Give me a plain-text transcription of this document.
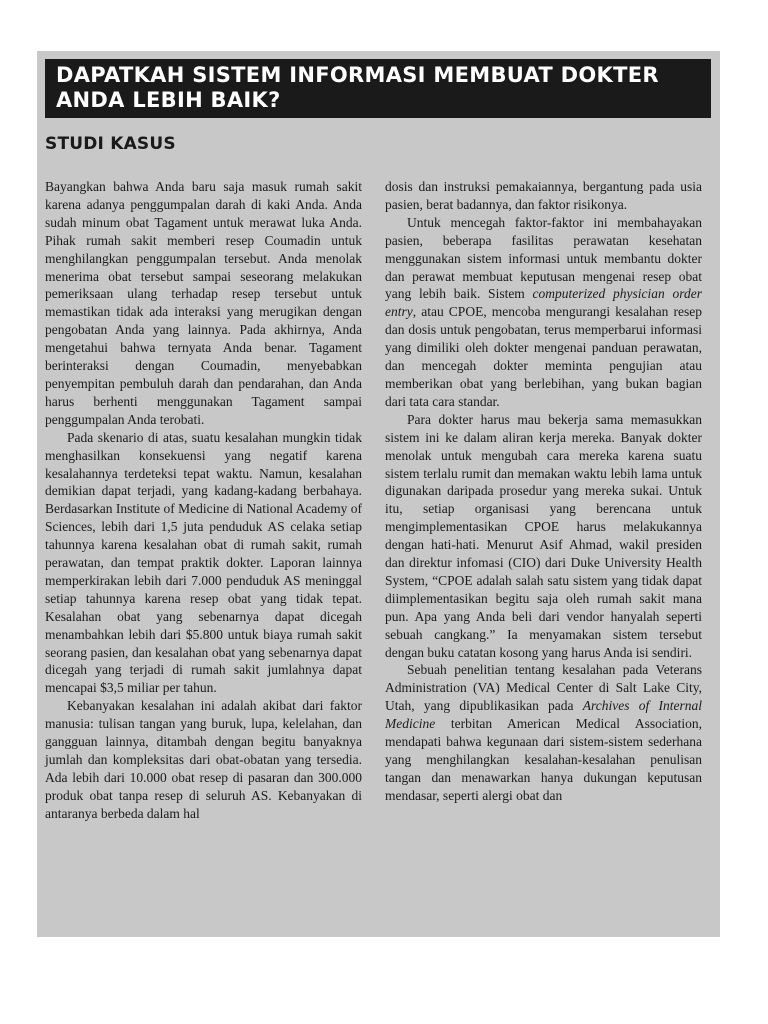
DAPATKAH SISTEM INFORMASI MEMBUAT DOKTER
ANDA LEBIH BAIK?
STUDI KASUS

Bayangkan bahwa Anda baru saja masuk rumah sakit karena adanya penggumpalan darah di kaki Anda. Anda sudah minum obat Tagament untuk merawat luka Anda. Pihak rumah sakit memberi resep Coumadin untuk menghilangkan penggumpalan tersebut. Anda menolak menerima obat tersebut sampai seseorang melakukan pemeriksaan ulang terhadap resep tersebut untuk memastikan tidak ada interaksi yang merugikan dengan pengobatan Anda yang lainnya. Pada akhirnya, Anda mengetahui bahwa ternyata Anda benar. Tagament berinteraksi dengan Coumadin, menyebabkan penyempitan pembuluh darah dan pendarahan, dan Anda harus berhenti menggunakan Tagament sampai penggumpalan Anda terobati.

Pada skenario di atas, suatu kesalahan mungkin tidak menghasilkan konsekuensi yang negatif karena kesalahannya terdeteksi tepat waktu. Namun, kesalahan demikian dapat terjadi, yang kadang-kadang berbahaya. Berdasarkan Institute of Medicine di National Academy of Sciences, lebih dari 1,5 juta penduduk AS celaka setiap tahunnya karena kesalahan obat di rumah sakit, rumah perawatan, dan tempat praktik dokter. Laporan lainnya memperkirakan lebih dari 7.000 penduduk AS meninggal setiap tahunnya karena resep obat yang tidak tepat. Kesalahan obat yang sebenarnya dapat dicegah menambahkan lebih dari $5.800 untuk biaya rumah sakit seorang pasien, dan kesalahan obat yang sebenarnya dapat dicegah yang terjadi di rumah sakit jumlahnya dapat mencapai $3,5 miliar per tahun.

Kebanyakan kesalahan ini adalah akibat dari faktor manusia: tulisan tangan yang buruk, lupa, kelelahan, dan gangguan lainnya, ditambah dengan begitu banyaknya jumlah dan kompleksitas dari obat-obatan yang tersedia. Ada lebih dari 10.000 obat resep di pasaran dan 300.000 produk obat tanpa resep di seluruh AS. Kebanyakan di antaranya berbeda dalam hal

dosis dan instruksi pemakaiannya, bergantung pada usia pasien, berat badannya, dan faktor risikonya.

Untuk mencegah faktor-faktor ini membahayakan pasien, beberapa fasilitas perawatan kesehatan menggunakan sistem informasi untuk membantu dokter dan perawat membuat keputusan mengenai resep obat yang lebih baik. Sistem computerized physician order entry, atau CPOE, mencoba mengurangi kesalahan resep dan dosis untuk pengobatan, terus memperbarui informasi yang dimiliki oleh dokter mengenai panduan perawatan, dan mencegah dokter meminta pengujian atau memberikan obat yang berlebihan, yang bukan bagian dari tata cara standar.

Para dokter harus mau bekerja sama memasukkan sistem ini ke dalam aliran kerja mereka. Banyak dokter menolak untuk mengubah cara mereka karena suatu sistem terlalu rumit dan memakan waktu lebih lama untuk digunakan daripada prosedur yang mereka sukai. Untuk itu, setiap organisasi yang berencana untuk mengimplementasikan CPOE harus melakukannya dengan hati-hati. Menurut Asif Ahmad, wakil presiden dan direktur infomasi (CIO) dari Duke University Health System, “CPOE adalah salah satu sistem yang tidak dapat diimplementasikan begitu saja oleh rumah sakit mana pun. Apa yang Anda beli dari vendor hanyalah seperti sebuah cangkang.” Ia menyamakan sistem tersebut dengan buku catatan kosong yang harus Anda isi sendiri.

Sebuah penelitian tentang kesalahan pada Veterans Administration (VA) Medical Center di Salt Lake City, Utah, yang dipublikasikan pada Archives of Internal Medicine terbitan American Medical Association, mendapati bahwa kegunaan dari sistem-sistem sederhana yang menghilangkan kesalahan-kesalahan penulisan tangan dan menawarkan hanya dukungan keputusan mendasar, seperti alergi obat dan
